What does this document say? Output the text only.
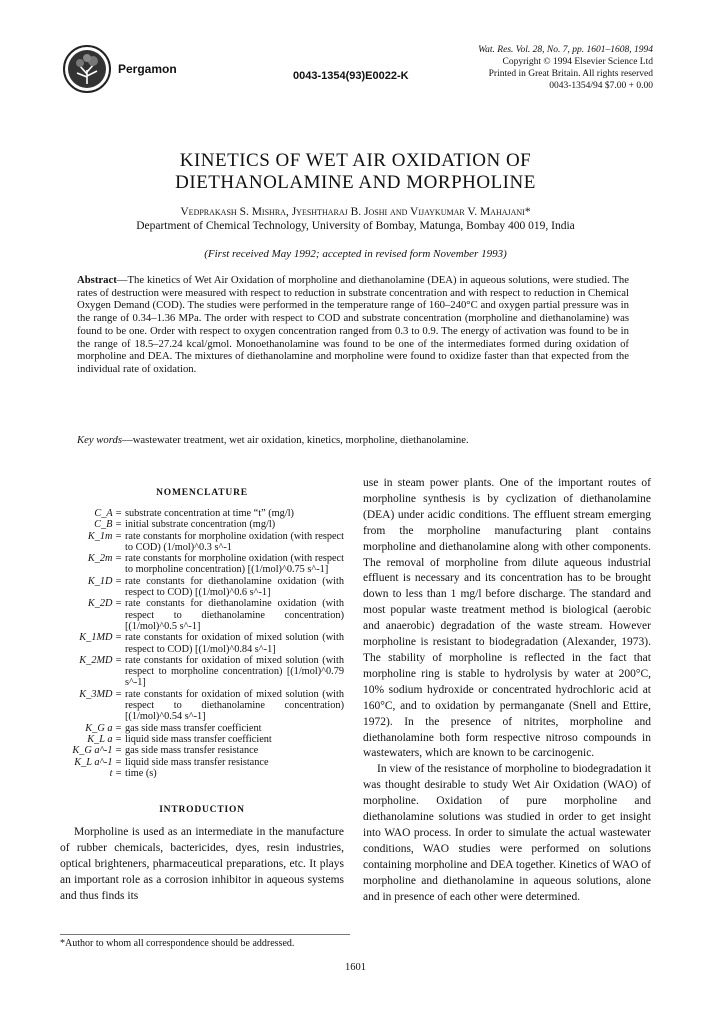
Pergamon	0043-1354(93)E0022-K
Wat. Res. Vol. 28, No. 7, pp. 1601–1608, 1994
Copyright © 1994 Elsevier Science Ltd
Printed in Great Britain. All rights reserved
0043-1354/94 $7.00 + 0.00
KINETICS OF WET AIR OXIDATION OF
DIETHANOLAMINE AND MORPHOLINE
Vedprakash S. Mishra, Jyeshtharaj B. Joshi and Vijaykumar V. Mahajani*
Department of Chemical Technology, University of Bombay, Matunga, Bombay 400 019, India
(First received May 1992; accepted in revised form November 1993)

Abstract—The kinetics of Wet Air Oxidation of morpholine and diethanolamine (DEA) in aqueous solutions, were studied. The rates of destruction were measured with respect to reduction in substrate concentration and with respect to reduction in Chemical Oxygen Demand (COD). The studies were performed in the temperature range of 160–240°C and oxygen partial pressure was in the range of 0.34–1.36 MPa. The order with respect to COD and substrate concentration (morpholine and diethanolamine) was found to be one. Order with respect to oxygen concentration ranged from 0.3 to 0.9. The energy of activation was found to be in the range of 18.5–27.24 kcal/gmol. Monoethanolamine was found to be one of the intermediates formed during oxidation of morpholine and DEA. The mixtures of diethanolamine and morpholine were found to oxidize faster than that expected from the individual rate of oxidation.

Key words—wastewater treatment, wet air oxidation, kinetics, morpholine, diethanolamine.

NOMENCLATURE
C_A = substrate concentration at time “t” (mg/l)
C_B = initial substrate concentration (mg/l)
K_1m = rate constants for morpholine oxidation (with respect to COD) (1/mol)^0.3 s^-1
K_2m = rate constants for morpholine oxidation (with respect to morpholine concentration) [(1/mol)^0.75 s^-1]
K_1D = rate constants for diethanolamine oxidation (with respect to COD) [(1/mol)^0.6 s^-1]
K_2D = rate constants for diethanolamine oxidation (with respect to diethanolamine concentration) [(1/mol)^0.5 s^-1]
K_1MD = rate constants for oxidation of mixed solution (with respect to COD) [(1/mol)^0.84 s^-1]
K_2MD = rate constants for oxidation of mixed solution (with respect to morpholine concentration) [(1/mol)^0.79 s^-1]
K_3MD = rate constants for oxidation of mixed solution (with respect to diethanolamine concentration) [(1/mol)^0.54 s^-1]
K_G a = gas side mass transfer coefficient
K_L a = liquid side mass transfer coefficient
K_G a^-1 = gas side mass transfer resistance
K_L a^-1 = liquid side mass transfer resistance
t = time (s)
INTRODUCTION

Morpholine is used as an intermediate in the manufacture of rubber chemicals, bactericides, dyes, resin industries, optical brighteners, pharmaceutical preparations, etc. It plays an important role as a corrosion inhibitor in aqueous systems and thus finds its

*Author to whom all correspondence should be addressed.

use in steam power plants. One of the important routes of morpholine synthesis is by cyclization of diethanolamine (DEA) under acidic conditions. The effluent stream emerging from the morpholine manufacturing plant contains morpholine and diethanolamine along with other components. The removal of morpholine from dilute aqueous industrial effluent is necessary and its concentration has to be brought down to less than 1 mg/l before discharge. The standard and most popular waste treatment method is biological (aerobic and anaerobic) degradation of the waste stream. However morpholine is resistant to biodegradation (Alexander, 1973). The stability of morpholine is reflected in the fact that morpholine ring is stable to hydrolysis by water at 200°C, 10% sodium hydroxide or concentrated hydrochloric acid at 160°C, and to oxidation by permanganate (Snell and Ettire, 1972). In the presence of nitrites, morpholine and diethanolamine both form respective nitroso compounds in wastewaters, which are known to be carcinogenic.

In view of the resistance of morpholine to biodegradation it was thought desirable to study Wet Air Oxidation (WAO) of morpholine. Oxidation of pure morpholine and diethanolamine solutions was studied in order to get insight into WAO process. In order to simulate the actual wastewater conditions, WAO studies were performed on solutions containing morpholine and DEA together. Kinetics of WAO of morpholine and diethanolamine in aqueous solutions, alone and in presence of each other were determined.

1601
